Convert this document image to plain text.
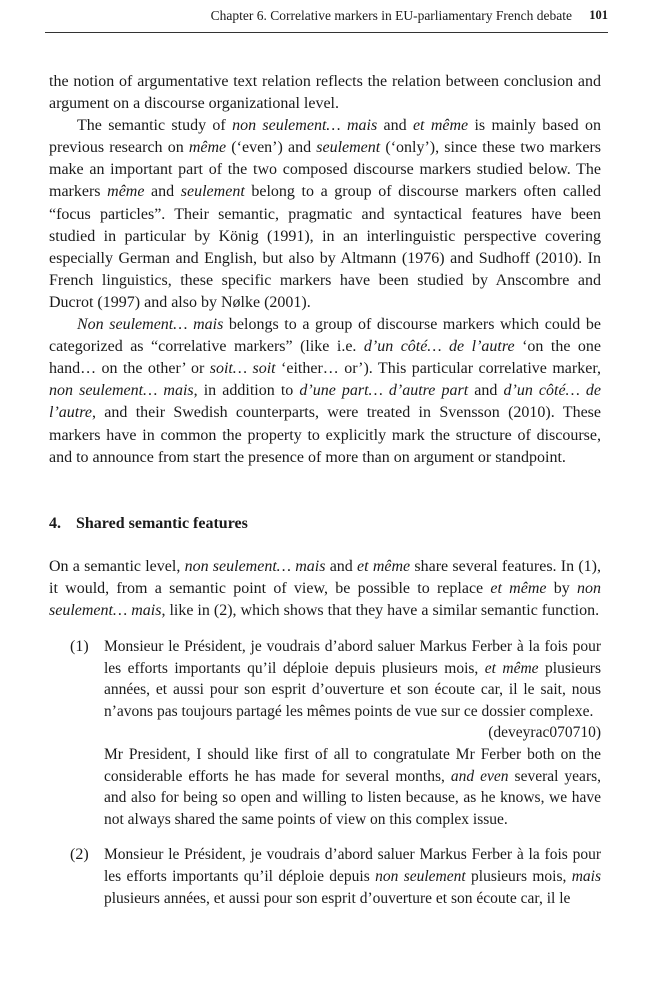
Chapter 6. Correlative markers in EU-parliamentary French debate 101

the notion of argumentative text relation reflects the relation between conclusion and argument on a discourse organizational level.

The semantic study of non seulement… mais and et même is mainly based on previous research on même (‘even’) and seulement (‘only’), since these two markers make an important part of the two composed discourse markers studied below. The markers même and seulement belong to a group of discourse markers often called “focus particles”. Their semantic, pragmatic and syntactical features have been studied in particular by König (1991), in an interlinguistic perspective covering especially German and English, but also by Altmann (1976) and Sudhoff (2010). In French linguistics, these specific markers have been studied by Anscombre and Ducrot (1997) and also by Nølke (2001).

Non seulement… mais belongs to a group of discourse markers which could be categorized as “correlative markers” (like i.e. d’un côté… de l’autre ‘on the one hand… on the other’ or soit… soit ‘either… or’). This particular correlative marker, non seulement… mais, in addition to d’une part… d’autre part and d’un côté… de l’autre, and their Swedish counterparts, were treated in Svensson (2010). These markers have in common the property to explicitly mark the structure of discourse, and to announce from start the presence of more than on argument or standpoint.

4. Shared semantic features

On a semantic level, non seulement… mais and et même share several features. In (1), it would, from a semantic point of view, be possible to replace et même by non seulement… mais, like in (2), which shows that they have a similar semantic function.

(1) Monsieur le Président, je voudrais d’abord saluer Markus Ferber à la fois pour les efforts importants qu’il déploie depuis plusieurs mois, et même plusieurs années, et aussi pour son esprit d’ouverture et son écoute car, il le sait, nous n’avons pas toujours partagé les mêmes points de vue sur ce dossier complexe.

(deveyrac070710)

Mr President, I should like first of all to congratulate Mr Ferber both on the considerable efforts he has made for several months, and even several years, and also for being so open and willing to listen because, as he knows, we have not always shared the same points of view on this complex issue.

(2) Monsieur le Président, je voudrais d’abord saluer Markus Ferber à la fois pour les efforts importants qu’il déploie depuis non seulement plusieurs mois, mais plusieurs années, et aussi pour son esprit d’ouverture et son écoute car, il le
